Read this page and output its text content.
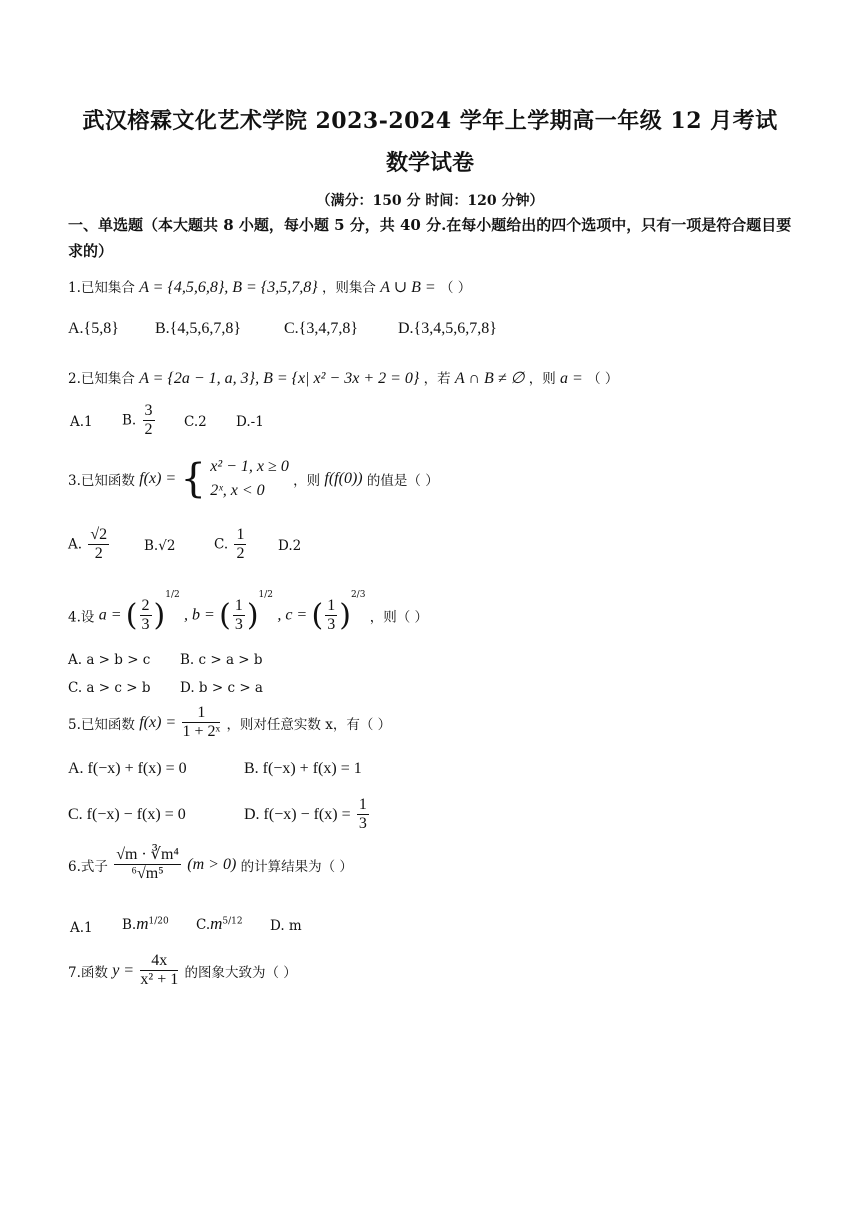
武汉榕霖文化艺术学院 2023-2024 学年上学期高一年级 12 月考试
数学试卷
（满分：150 分 时间：120 分钟）
一、单选题（本大题共 8 小题，每小题 5 分，共 40 分.在每小题给出的四个选项中，只有一项是符合题目要求的）
1.已知集合 A = {4,5,6,8}, B = {3,5,7,8} ，则集合 A ∪ B = （ ）
A.{5,8} B.{4,5,6,7,8}	C.{3,4,7,8} D.{3,4,5,6,7,8}
2.已知集合 A = {2a − 1, a, 3}, B = {x| x² − 3x + 2 = 0} ，若 A ∩ B ≠ ∅ ，则 a = （ ）
A.1 B. $\frac{3}{2} C.2$ D.-1
3.已知函数 f(x) = { x² − 1, x ≥ 0
2ˣ, x < 0
，则 f(f(0)) 的值是（ ）
A. $\frac{√2}{2}$	B.√2	C. $\frac{1}{2} D.2$
4.设 a = ( $\frac{2}{3} )^{1/2}$ , b = ( $\frac{1}{3} )^{1/2}$ , c = ( $\frac{1}{3} )^{2/3}$ ，则（ ）
A. a > b > c B. c > a > b
C. a > c > b D. b > c > a
5.已知函数 $f(x) = \frac{1}{\text{1 + 2ˣ}}$ ，则对任意实数 x，有（ ）
A. f(−x) + f(x) = 0	B. f(−x) + f(x) = 1
C. f(−x) − f(x) = 0	D. $f(-x) - f(x) = \frac{1}{3}$
6.式子 $\frac{\text{√m · ∛m⁴}}{\text{⁶√m⁵}} (m > 0)$ 的计算结果为（ ）
A.1 $B.m^{1/20}$ $C.m^{5/12}$ D. m
7.函数 $y = \frac{4x}{\text{x² + 1}}$ 的图象大致为（ ）
